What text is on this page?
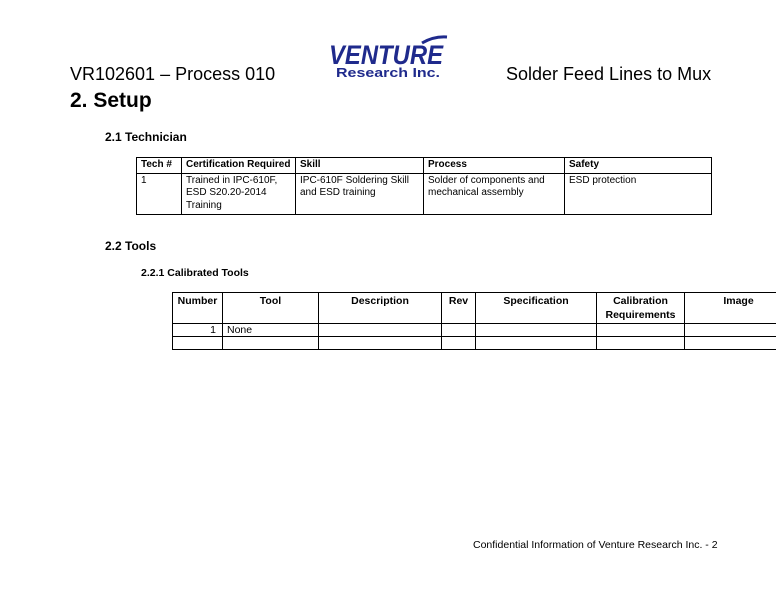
VENTURE
Research Inc.
VR102601 – Process 010	Solder Feed Lines to Mux
2. Setup
2.1 Technician
Tech #	Certification Required	Skill	Process	Safety
1	Trained in IPC-610F, ESD S20.20-2014 Training	IPC-610F Soldering Skill and ESD training	Solder of components and mechanical assembly	ESD protection
2.2 Tools
2.2.1 Calibrated Tools
Number	Tool	Description	Rev	Specification	Calibration Requirements	Image
1	None					

Confidential Information of Venture Research Inc. - 2
